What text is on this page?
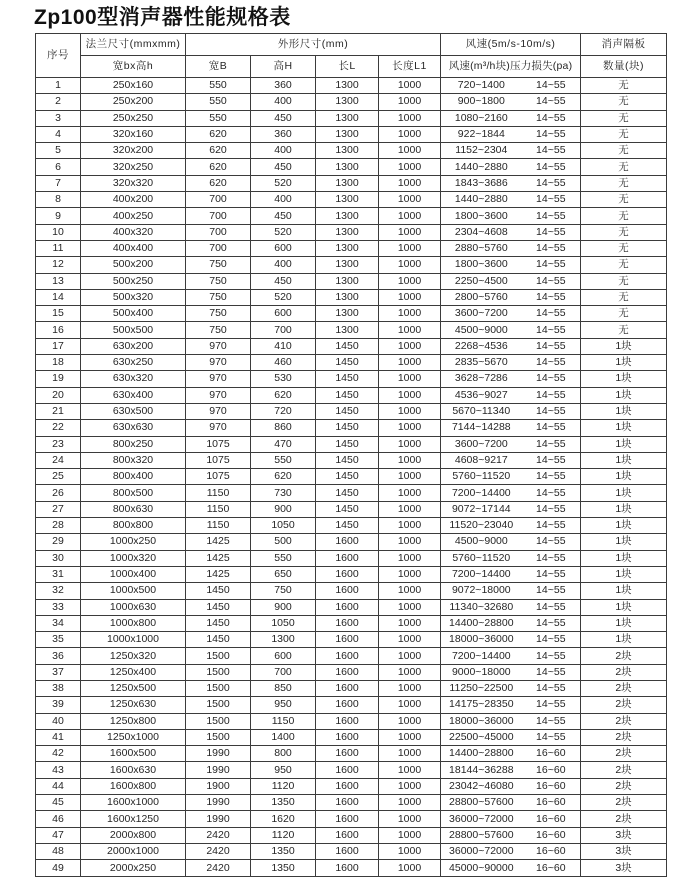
Zp100型消声器性能规格表
序号	法兰尺寸(mmxmm)	外形尺寸(mm)				风速(5m/s-10m/s)	消声隔板
	宽bx高h	宽B	高H	长L	长度L1	风速(m³/h块)压力损失(pa)	数量(块)
1	250x160	550	360	1300	1000	720~1400 14~55	无
2	250x200	550	400	1300	1000	900~1800 14~55	无
3	250x250	550	450	1300	1000	1080~2160 14~55	无
4	320x160	620	360	1300	1000	922~1844 14~55	无
5	320x200	620	400	1300	1000	1152~2304 14~55	无
6	320x250	620	450	1300	1000	1440~2880 14~55	无
7	320x320	620	520	1300	1000	1843~3686 14~55	无
8	400x200	700	400	1300	1000	1440~2880 14~55	无
9	400x250	700	450	1300	1000	1800~3600 14~55	无
10	400x320	700	520	1300	1000	2304~4608 14~55	无
11	400x400	700	600	1300	1000	2880~5760 14~55	无
12	500x200	750	400	1300	1000	1800~3600 14~55	无
13	500x250	750	450	1300	1000	2250~4500 14~55	无
14	500x320	750	520	1300	1000	2800~5760 14~55	无
15	500x400	750	600	1300	1000	3600~7200 14~55	无
16	500x500	750	700	1300	1000	4500~9000 14~55	无
17	630x200	970	410	1450	1000	2268~4536 14~55	1块
18	630x250	970	460	1450	1000	2835~5670 14~55	1块
19	630x320	970	530	1450	1000	3628~7286 14~55	1块
20	630x400	970	620	1450	1000	4536~9027 14~55	1块
21	630x500	970	720	1450	1000	5670~11340 14~55	1块
22	630x630	970	860	1450	1000	7144~14288 14~55	1块
23	800x250	1075	470	1450	1000	3600~7200 14~55	1块
24	800x320	1075	550	1450	1000	4608~9217 14~55	1块
25	800x400	1075	620	1450	1000	5760~11520 14~55	1块
26	800x500	1150	730	1450	1000	7200~14400 14~55	1块
27	800x630	1150	900	1450	1000	9072~17144 14~55	1块
28	800x800	1150	1050	1450	1000	11520~23040 14~55	1块
29	1000x250	1425	500	1600	1000	4500~9000 14~55	1块
30	1000x320	1425	550	1600	1000	5760~11520 14~55	1块
31	1000x400	1425	650	1600	1000	7200~14400 14~55	1块
32	1000x500	1450	750	1600	1000	9072~18000 14~55	1块
33	1000x630	1450	900	1600	1000	11340~32680 14~55	1块
34	1000x800	1450	1050	1600	1000	14400~28800 14~55	1块
35	1000x1000	1450	1300	1600	1000	18000~36000 14~55	1块
36	1250x320	1500	600	1600	1000	7200~14400 14~55	2块
37	1250x400	1500	700	1600	1000	9000~18000 14~55	2块
38	1250x500	1500	850	1600	1000	11250~22500 14~55	2块
39	1250x630	1500	950	1600	1000	14175~28350 14~55	2块
40	1250x800	1500	1150	1600	1000	18000~36000 14~55	2块
41	1250x1000	1500	1400	1600	1000	22500~45000 14~55	2块
42	1600x500	1990	800	1600	1000	14400~28800 16~60	2块
43	1600x630	1990	950	1600	1000	18144~36288 16~60	2块
44	1600x800	1900	1120	1600	1000	23042~46080 16~60	2块
45	1600x1000	1990	1350	1600	1000	28800~57600 16~60	2块
46	1600x1250	1990	1620	1600	1000	36000~72000 16~60	2块
47	2000x800	2420	1120	1600	1000	28800~57600 16~60	3块
48	2000x1000	2420	1350	1600	1000	36000~72000 16~60	3块
49	2000x250	2420	1350	1600	1000	45000~90000 16~60	3块
